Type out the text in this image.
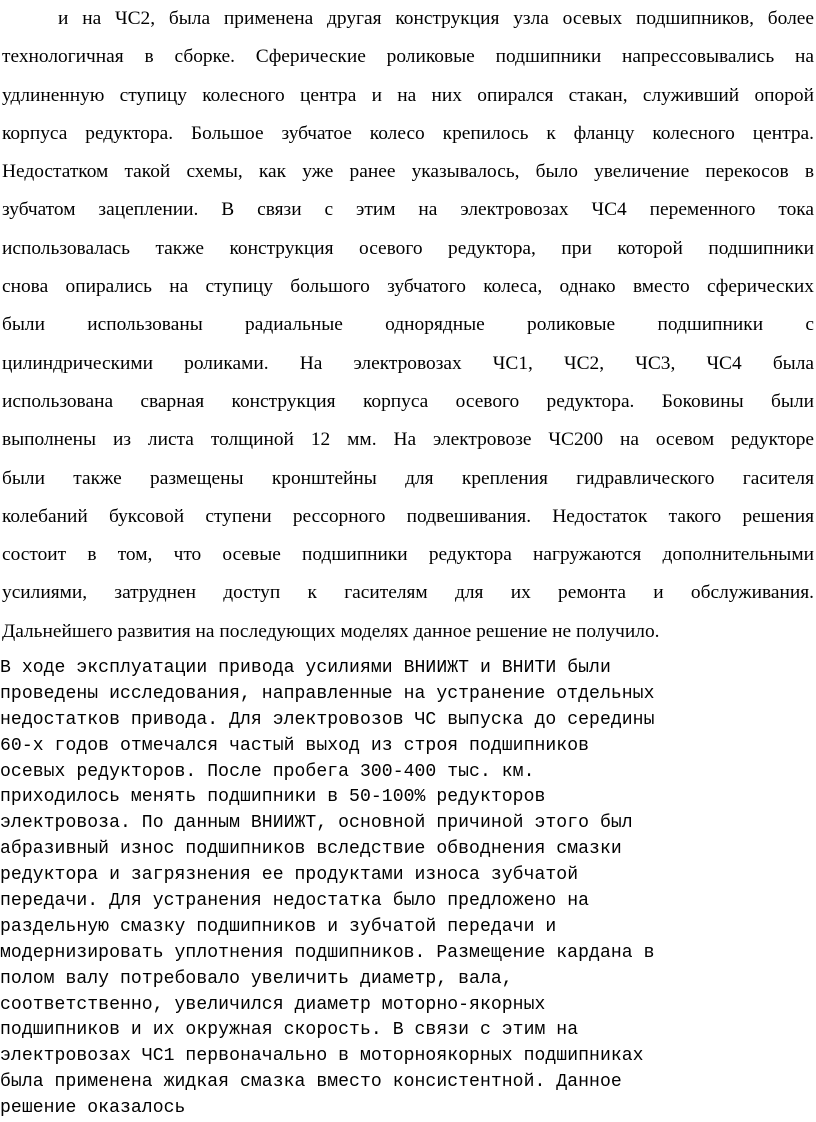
и на ЧС2, была применена другая конструкция узла осевых подшипников, более
технологичная в сборке. Сферические роликовые подшипники напрессовывались на
удлиненную ступицу колесного центра и на них опирался стакан, служивший опорой
корпуса редуктора. Большое зубчатое колесо крепилось к фланцу колесного центра.
Недостатком такой схемы, как уже ранее указывалось, было увеличение перекосов в
зубчатом зацеплении. В связи с этим на электровозах ЧС4 переменного тока
использовалась также конструкция осевого редуктора, при которой подшипники
снова опирались на ступицу большого зубчатого колеса, однако вместо сферических
были использованы радиальные однорядные роликовые подшипники с
цилиндрическими роликами. На электровозах ЧС1, ЧС2, ЧС3, ЧС4 была
использована сварная конструкция корпуса осевого редуктора. Боковины были
выполнены из листа толщиной 12 мм. На электровозе ЧС200 на осевом редукторе
были также размещены кронштейны для крепления гидравлического гасителя
колебаний буксовой ступени рессорного подвешивания. Недостаток такого решения
состоит в том, что осевые подшипники редуктора нагружаются дополнительными
усилиями, затруднен доступ к гасителям для их ремонта и обслуживания.
Дальнейшего развития на последующих моделях данное решение не получило.
В ходе эксплуатации привода усилиями ВНИИЖТ и ВНИТИ были
проведены исследования, направленные на устранение отдельных
недостатков привода. Для электровозов ЧС выпуска до середины
60-х годов отмечался частый выход из строя подшипников
осевых редукторов. После пробега 300-400 тыс. км.
приходилось менять подшипники в 50-100% редукторов
электровоза. По данным ВНИИЖТ, основной причиной этого был
абразивный износ подшипников вследствие обводнения смазки
редуктора и загрязнения ее продуктами износа зубчатой
передачи. Для устранения недостатка было предложено на
раздельную смазку подшипников и зубчатой передачи и
модернизировать уплотнения подшипников. Размещение кардана в
полом валу потребовало увеличить диаметр, вала,
соответственно, увеличился диаметр моторно-якорных
подшипников и их окружная скорость. В связи с этим на
электровозах ЧС1 первоначально в моторноякорных подшипниках
была применена жидкая смазка вместо консистентной. Данное
решение оказалось
